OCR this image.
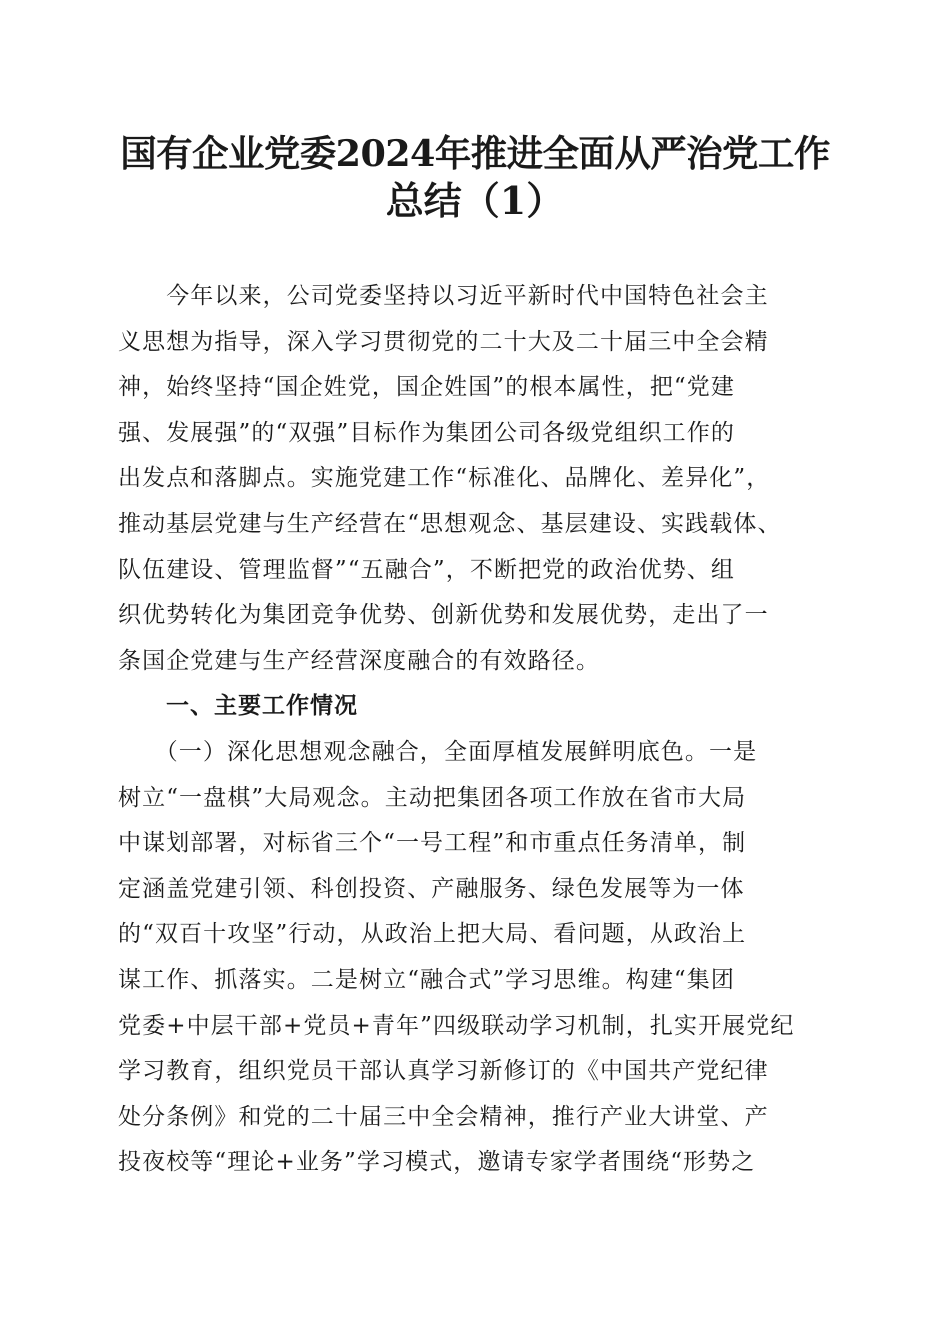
国有企业党委2024年推进全面从严治党工作
总结（1）
　　今年以来，公司党委坚持以习近平新时代中国特色社会主
义思想为指导，深入学习贯彻党的二十大及二十届三中全会精
神，始终坚持“国企姓党，国企姓国”的根本属性，把“党建
强、发展强”的“双强”目标作为集团公司各级党组织工作的
出发点和落脚点。实施党建工作“标准化、品牌化、差异化”，
推动基层党建与生产经营在“思想观念、基层建设、实践载体、
队伍建设、管理监督”“五融合”，不断把党的政治优势、组
织优势转化为集团竞争优势、创新优势和发展优势，走出了一
条国企党建与生产经营深度融合的有效路径。
　　一、主要工作情况
　　（一）深化思想观念融合，全面厚植发展鲜明底色。一是
树立“一盘棋”大局观念。主动把集团各项工作放在省市大局
中谋划部署，对标省三个“一号工程”和市重点任务清单，制
定涵盖党建引领、科创投资、产融服务、绿色发展等为一体
的“双百十攻坚”行动，从政治上把大局、看问题，从政治上
谋工作、抓落实。二是树立“融合式”学习思维。构建“集团
党委+中层干部+党员+青年”四级联动学习机制，扎实开展党纪
学习教育，组织党员干部认真学习新修订的《中国共产党纪律
处分条例》和党的二十届三中全会精神，推行产业大讲堂、产
投夜校等“理论+业务”学习模式，邀请专家学者围绕“形势之
